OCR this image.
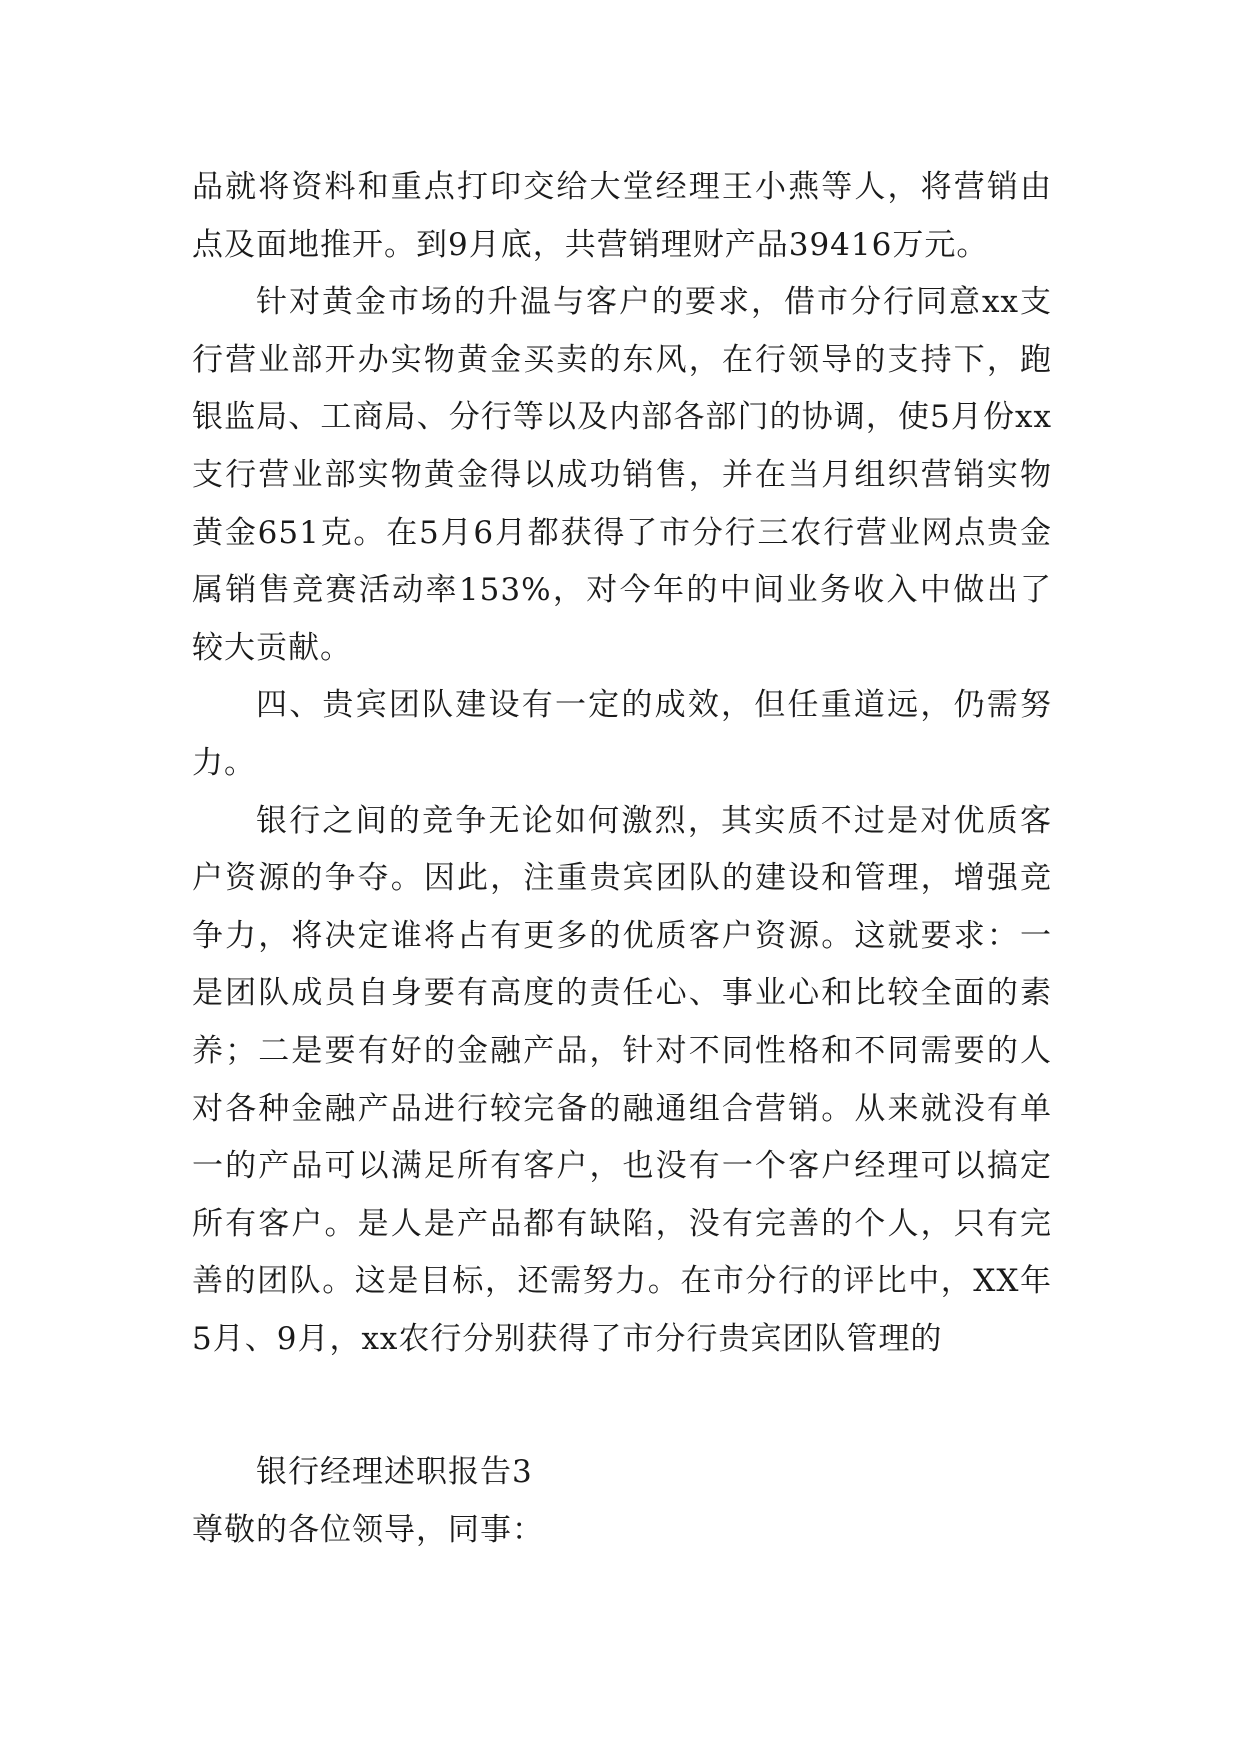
品就将资料和重点打印交给大堂经理王小燕等人，将营销由点及面地推开。到9月底，共营销理财产品39416万元。

针对黄金市场的升温与客户的要求，借市分行同意xx支行营业部开办实物黄金买卖的东风，在行领导的支持下，跑银监局、工商局、分行等以及内部各部门的协调，使5月份xx支行营业部实物黄金得以成功销售，并在当月组织营销实物黄金651克。在5月6月都获得了市分行三农行营业网点贵金属销售竞赛活动率153%，对今年的中间业务收入中做出了较大贡献。

四、贵宾团队建设有一定的成效，但任重道远，仍需努力。

银行之间的竞争无论如何激烈，其实质不过是对优质客户资源的争夺。因此，注重贵宾团队的建设和管理，增强竞争力，将决定谁将占有更多的优质客户资源。这就要求：一是团队成员自身要有高度的责任心、事业心和比较全面的素养；二是要有好的金融产品，针对不同性格和不同需要的人对各种金融产品进行较完备的融通组合营销。从来就没有单一的产品可以满足所有客户，也没有一个客户经理可以搞定所有客户。是人是产品都有缺陷，没有完善的个人，只有完善的团队。这是目标，还需努力。在市分行的评比中，XX年5月、9月，xx农行分别获得了市分行贵宾团队管理的

银行经理述职报告3

尊敬的各位领导，同事：
